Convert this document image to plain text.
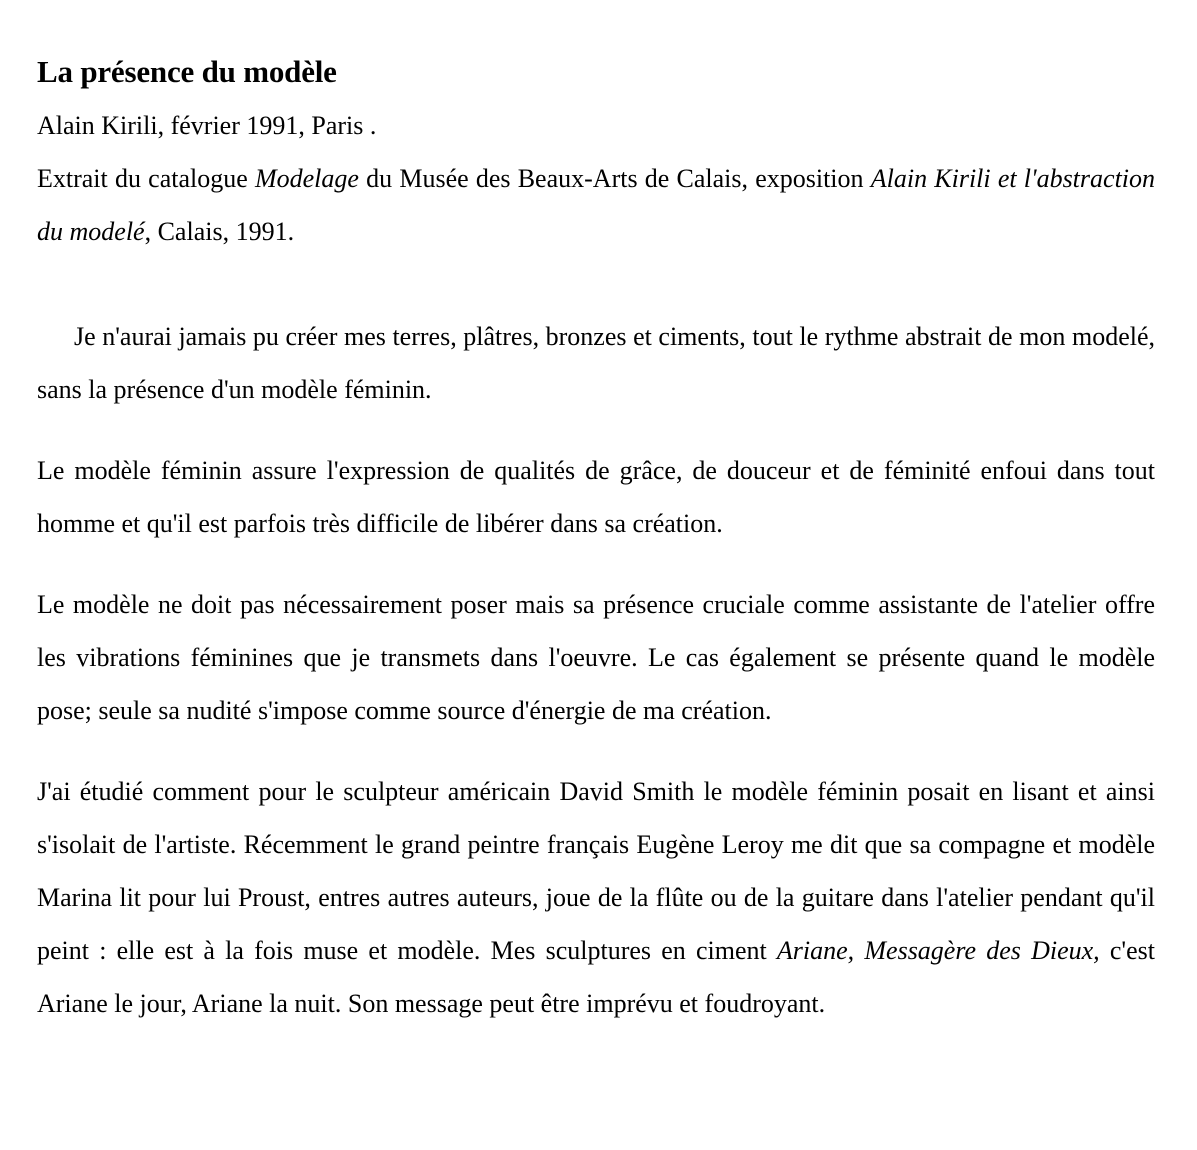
La présence du modèle

Alain Kirili, février 1991, Paris .

Extrait du catalogue Modelage du Musée des Beaux-Arts de Calais, exposition Alain Kirili et l'abstraction du modelé, Calais, 1991.

Je n'aurai jamais pu créer mes terres, plâtres, bronzes et ciments, tout le rythme abstrait de mon modelé, sans la présence d'un modèle féminin.

Le modèle féminin assure l'expression de qualités de grâce, de douceur et de féminité enfoui dans tout homme et qu'il est parfois très difficile de libérer dans sa création.

Le modèle ne doit pas nécessairement poser mais sa présence cruciale comme assistante de l'atelier offre les vibrations féminines que je transmets dans l'oeuvre. Le cas également se présente quand le modèle pose; seule sa nudité s'impose comme source d'énergie de ma création.

J'ai étudié comment pour le sculpteur américain David Smith le modèle féminin posait en lisant et ainsi s'isolait de l'artiste. Récemment le grand peintre français Eugène Leroy me dit que sa compagne et modèle Marina lit pour lui Proust, entres autres auteurs, joue de la flûte ou de la guitare dans l'atelier pendant qu'il peint : elle est à la fois muse et modèle. Mes sculptures en ciment Ariane, Messagère des Dieux, c'est Ariane le jour, Ariane la nuit. Son message peut être imprévu et foudroyant.
